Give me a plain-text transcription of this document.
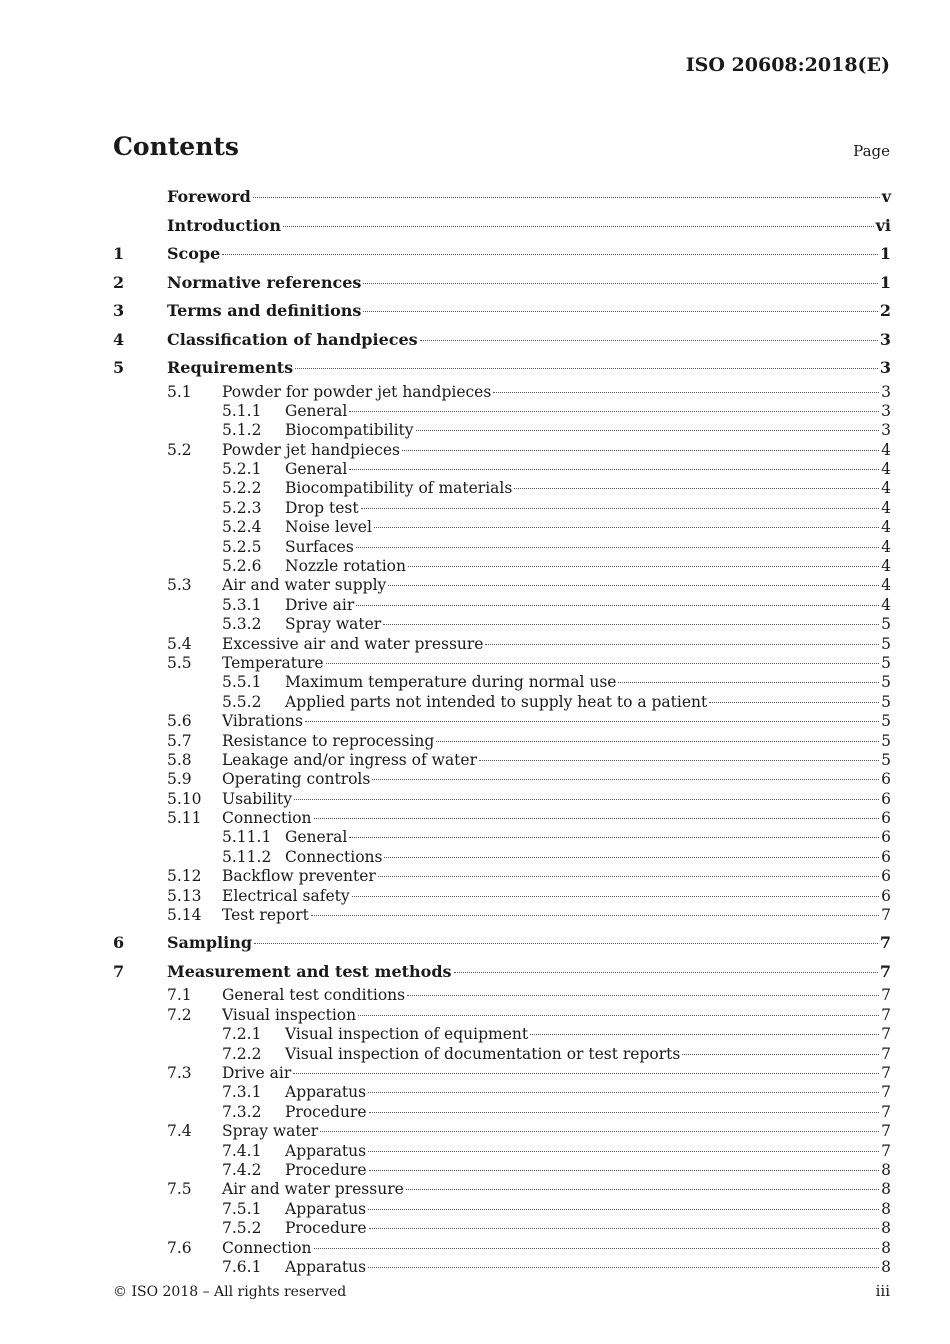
ISO 20608:2018(E)
Contents	Page
Foreword	v
Introduction	vi
1	Scope	1
2	Normative references	1
3	Terms and definitions	2
4	Classification of handpieces	3
5	Requirements	3
5.1	Powder for powder jet handpieces	3
5.1.1	General	3
5.1.2	Biocompatibility	3
5.2	Powder jet handpieces	4
5.2.1	General	4
5.2.2	Biocompatibility of materials	4
5.2.3	Drop test	4
5.2.4	Noise level	4
5.2.5	Surfaces	4
5.2.6	Nozzle rotation	4
5.3	Air and water supply	4
5.3.1	Drive air	4
5.3.2	Spray water	5
5.4	Excessive air and water pressure	5
5.5	Temperature	5
5.5.1	Maximum temperature during normal use	5
5.5.2	Applied parts not intended to supply heat to a patient	5
5.6	Vibrations	5
5.7	Resistance to reprocessing	5
5.8	Leakage and/or ingress of water	5
5.9	Operating controls	6
5.10	Usability	6
5.11	Connection	6
5.11.1 General	6
5.11.2 Connections	6
5.12	Backflow preventer	6
5.13	Electrical safety	6
5.14	Test report	7
6	Sampling	7
7	Measurement and test methods	7
7.1	General test conditions	7
7.2	Visual inspection	7
7.2.1	Visual inspection of equipment	7
7.2.2	Visual inspection of documentation or test reports	7
7.3	Drive air	7
7.3.1	Apparatus	7
7.3.2	Procedure	7
7.4	Spray water	7
7.4.1	Apparatus	7
7.4.2	Procedure	8
7.5	Air and water pressure	8
7.5.1	Apparatus	8
7.5.2	Procedure	8
7.6	Connection	8
7.6.1	Apparatus	8
© ISO 2018 – All rights reserved	iii
